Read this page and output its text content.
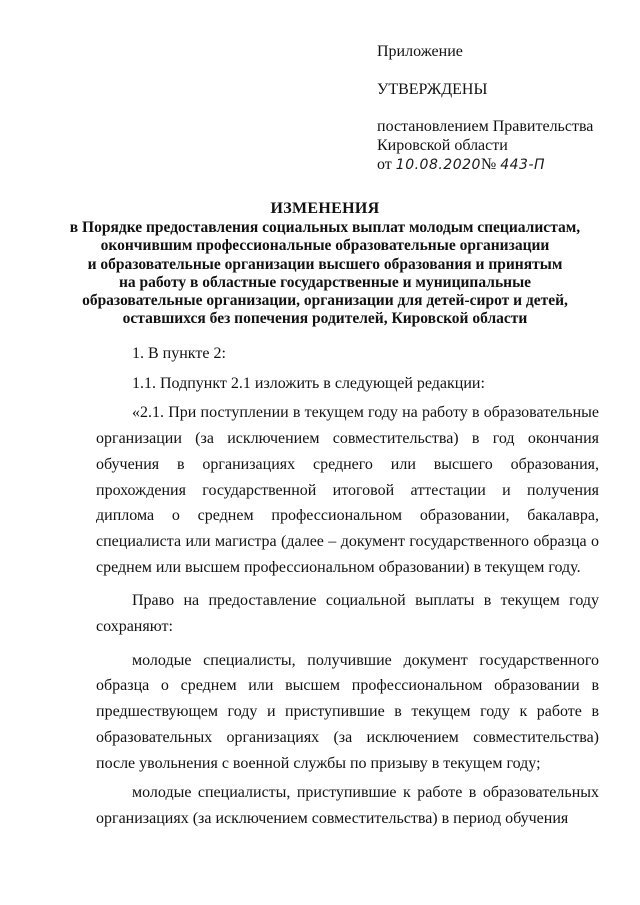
Приложение
УТВЕРЖДЕНЫ
постановлением Правительства
Кировской области
от 10.08.2020№ 443-П
ИЗМЕНЕНИЯ
в Порядке предоставления социальных выплат молодым специалистам,
окончившим профессиональные образовательные организации
и образовательные организации высшего образования и принятым
на работу в областные государственные и муниципальные
образовательные организации, организации для детей-сирот и детей,
оставшихся без попечения родителей, Кировской области

1. В пункте 2:

1.1. Подпункт 2.1 изложить в следующей редакции:

«2.1. При поступлении в текущем году на работу в образовательные организации (за исключением совместительства) в год окончания обучения в организациях среднего или высшего образования, прохождения государственной итоговой аттестации и получения диплома о среднем профессиональном образовании, бакалавра, специалиста или магистра (далее – документ государственного образца о среднем или высшем профессиональном образовании) в текущем году.

Право на предоставление социальной выплаты в текущем году сохраняют:

молодые специалисты, получившие документ государственного образца о среднем или высшем профессиональном образовании в предшествующем году и приступившие в текущем году к работе в образовательных организациях (за исключением совместительства) после увольнения с военной службы по призыву в текущем году;

молодые специалисты, приступившие к работе в образовательных организациях (за исключением совместительства) в период обучения
